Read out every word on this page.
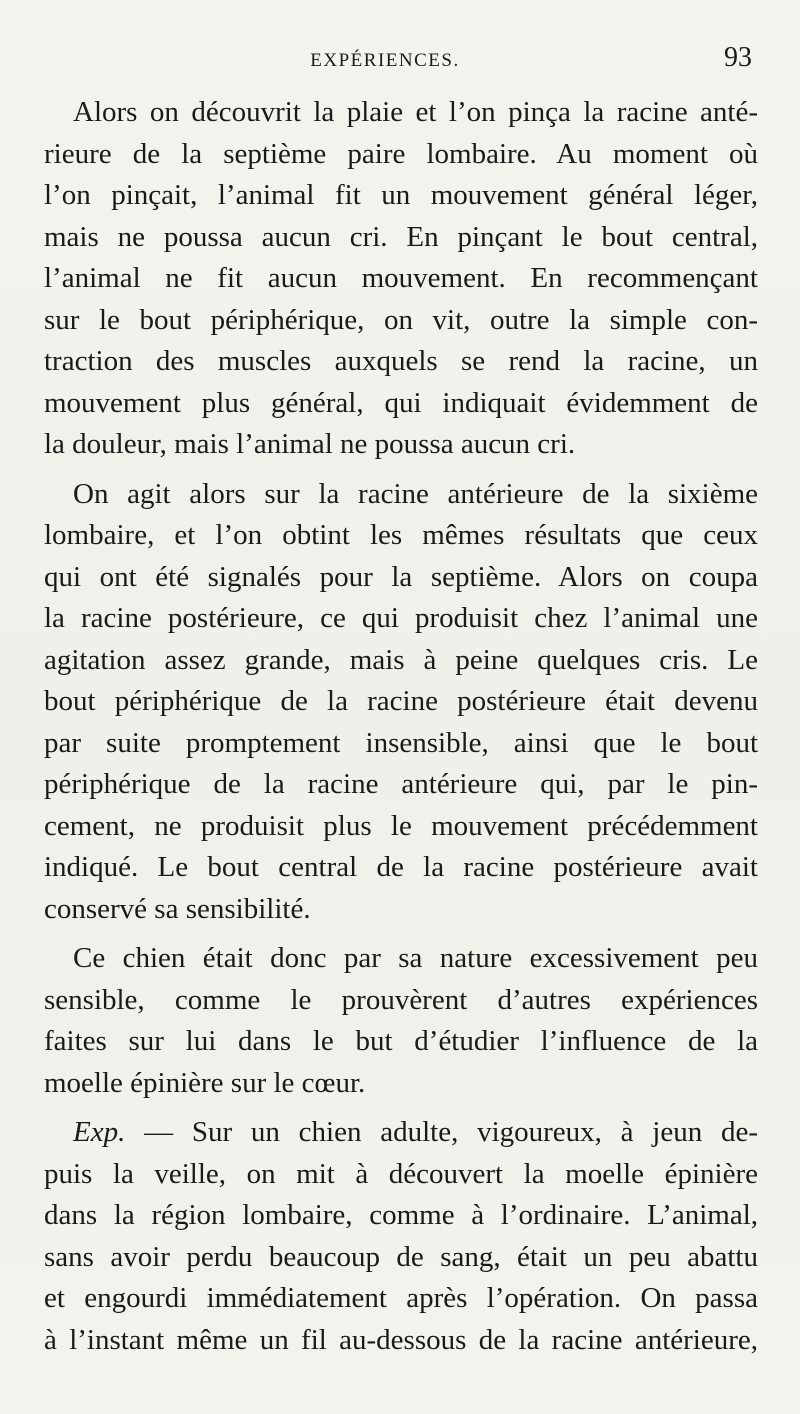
EXPÉRIENCES.	93
Alors on découvrit la plaie et l’on pinça la racine anté-
rieure de la septième paire lombaire. Au moment où
l’on pinçait, l’animal fit un mouvement général léger,
mais ne poussa aucun cri. En pinçant le bout central,
l’animal ne fit aucun mouvement. En recommençant
sur le bout périphérique, on vit, outre la simple con-
traction des muscles auxquels se rend la racine, un
mouvement plus général, qui indiquait évidemment de
la douleur, mais l’animal ne poussa aucun cri.
On agit alors sur la racine antérieure de la sixième
lombaire, et l’on obtint les mêmes résultats que ceux
qui ont été signalés pour la septième. Alors on coupa
la racine postérieure, ce qui produisit chez l’animal une
agitation assez grande, mais à peine quelques cris. Le
bout périphérique de la racine postérieure était devenu
par suite promptement insensible, ainsi que le bout
périphérique de la racine antérieure qui, par le pin-
cement, ne produisit plus le mouvement précédemment
indiqué. Le bout central de la racine postérieure avait
conservé sa sensibilité.
Ce chien était donc par sa nature excessivement peu
sensible, comme le prouvèrent d’autres expériences
faites sur lui dans le but d’étudier l’influence de la
moelle épinière sur le cœur.
Exp. — Sur un chien adulte, vigoureux, à jeun de-
puis la veille, on mit à découvert la moelle épinière
dans la région lombaire, comme à l’ordinaire. L’animal,
sans avoir perdu beaucoup de sang, était un peu abattu
et engourdi immédiatement après l’opération. On passa
à l’instant même un fil au-dessous de la racine antérieure,
